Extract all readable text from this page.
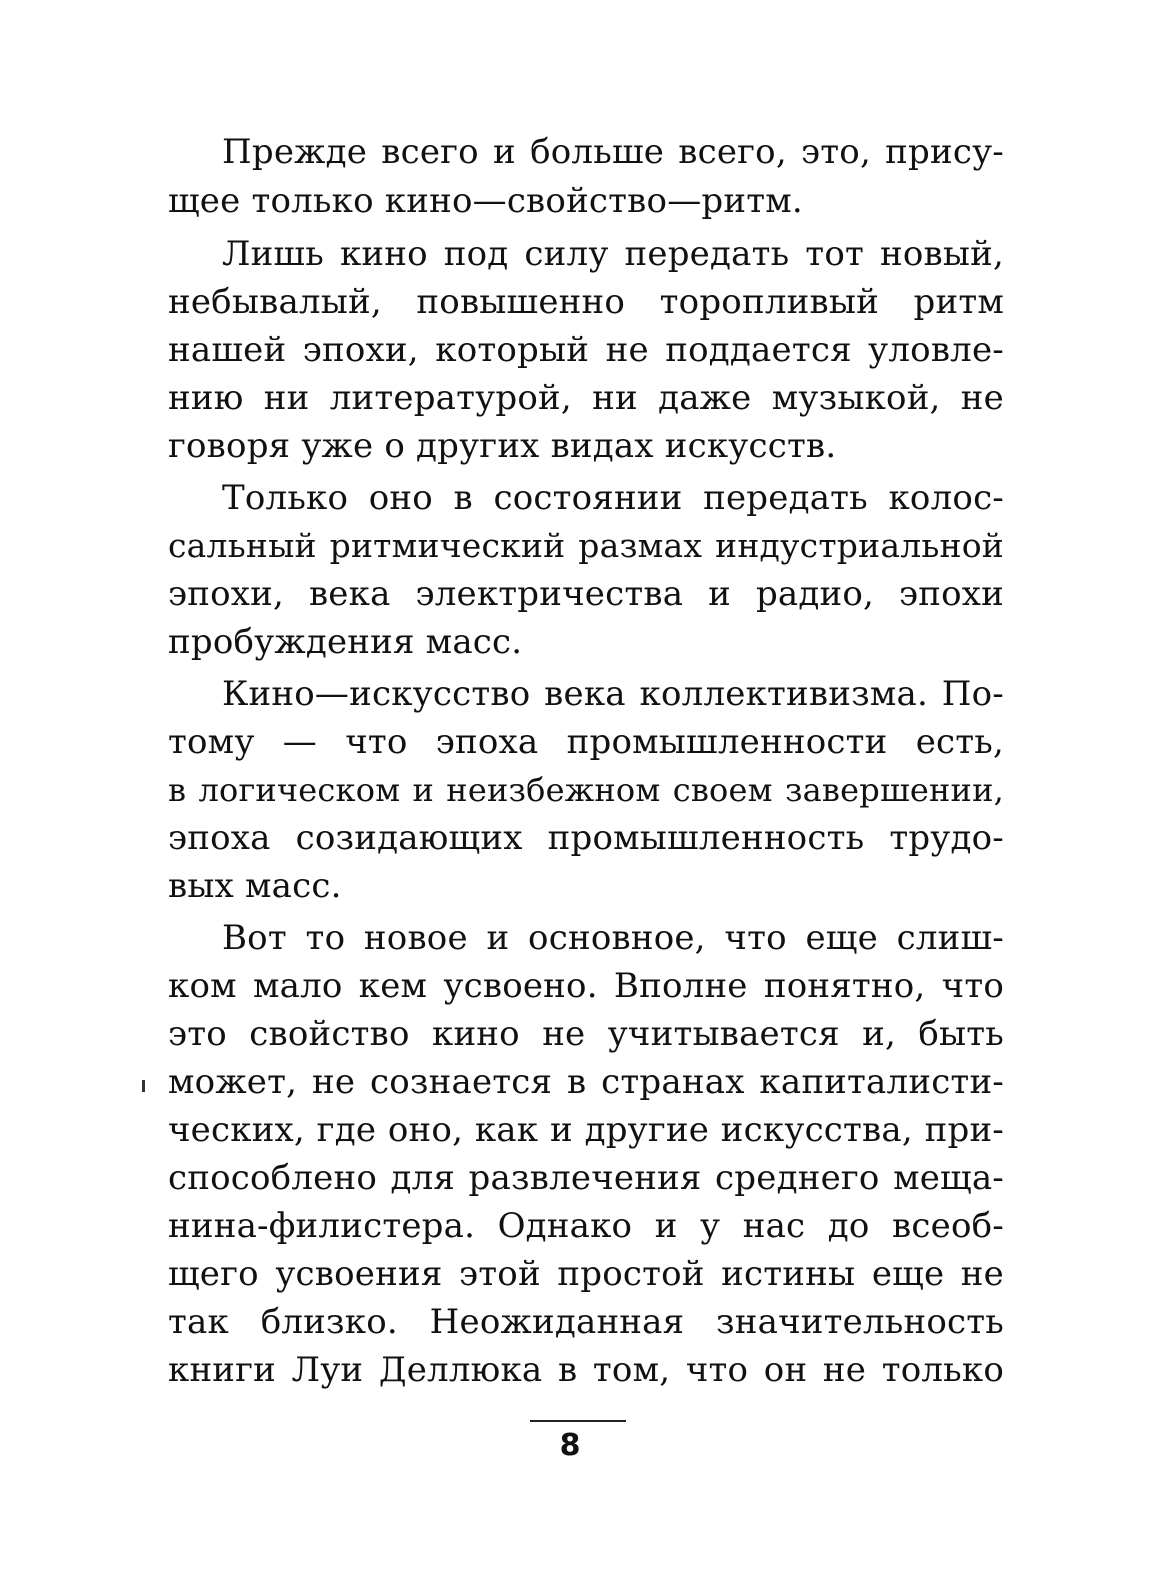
Прежде всего и больше всего, это, прису-
щее только кино—свойство—ритм.
Лишь кино под силу передать тот новый,
небывалый, повышенно торопливый ритм
нашей эпохи, который не поддается уловле-
нию ни литературой, ни даже музыкой, не
говоря уже о других видах искусств.
Только оно в состоянии передать колос-
сальный ритмический размах индустриальной
эпохи, века электричества и радио, эпохи
пробуждения масс.
Кино—искусство века коллективизма. По-
тому — что эпоха промышленности есть,
в логическом и неизбежном своем завершении,
эпоха созидающих промышленность трудо-
вых масс.
Вот то новое и основное, что еще слиш-
ком мало кем усвоено. Вполне понятно, что
это свойство кино не учитывается и, быть
может, не сознается в странах капиталисти-
ческих, где оно, как и другие искусства, при-
способлено для развлечения среднего меща-
нина-филистера. Однако и у нас до всеоб-
щего усвоения этой простой истины еще не
так близко. Неожиданная значительность
книги Луи Деллюка в том, что он не только
8
